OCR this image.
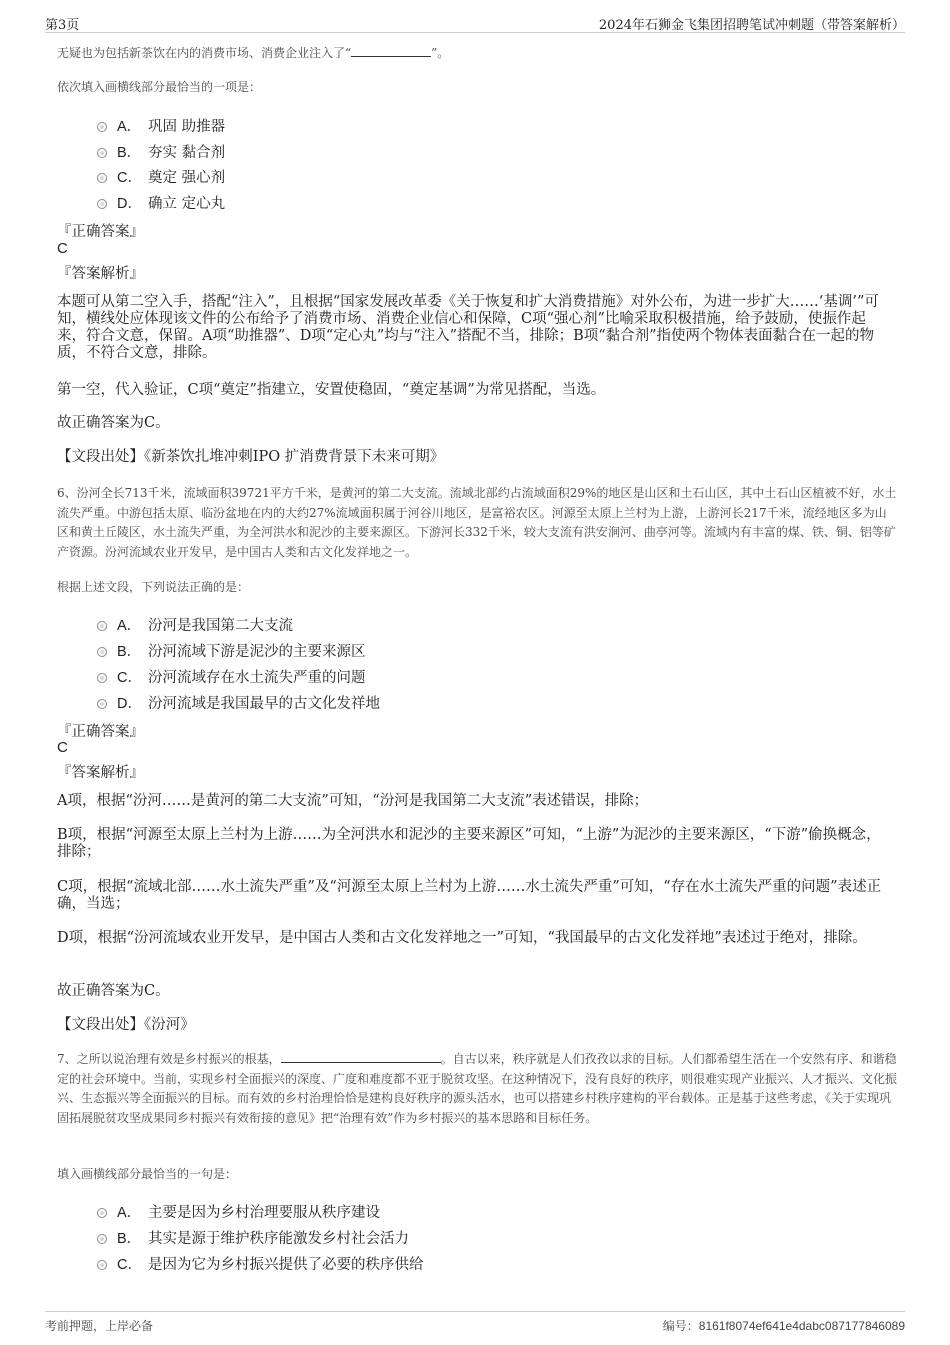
第3页	2024年石狮金飞集团招聘笔试冲刺题（带答案解析）
无疑也为包括新茶饮在内的消费市场、消费企业注入了“	”。
依次填入画横线部分最恰当的一项是：
A． 巩固 助推器
B． 夯实 黏合剂
C． 奠定 强心剂
D． 确立 定心丸
『正确答案』
C
『答案解析』
本题可从第二空入手，搭配“注入”，且根据“国家发展改革委《关于恢复和扩大消费措施》对外公布，为进一步扩大……‘基调’”可知，横线处应体现该文件的公布给予了消费市场、消费企业信心和保障，C项“强心剂”比喻采取积极措施，给予鼓励，使振作起来，符合文意，保留。A项“助推器”、D项“定心丸”均与“注入”搭配不当，排除；B项“黏合剂”指使两个物体表面黏合在一起的物质，不符合文意，排除。
第一空，代入验证，C项“奠定”指建立，安置使稳固，“奠定基调”为常见搭配，当选。
故正确答案为C。
【文段出处】《新茶饮扎堆冲刺IPO 扩消费背景下未来可期》
6、汾河全长713千米，流域面积39721平方千米，是黄河的第二大支流。流域北部约占流域面积29%的地区是山区和土石山区，其中土石山区植被不好，水土流失严重。中游包括太原、临汾盆地在内的大约27%流域面积属于河谷川地区，是富裕农区。河源至太原上兰村为上游，上游河长217千米，流经地区多为山区和黄土丘陵区，水土流失严重，为全河洪水和泥沙的主要来源区。下游河长332千米，较大支流有洪安涧河、曲亭河等。流域内有丰富的煤、铁、铜、铝等矿产资源。汾河流域农业开发早，是中国古人类和古文化发祥地之一。
根据上述文段，下列说法正确的是：
A． 汾河是我国第二大支流
B． 汾河流域下游是泥沙的主要来源区
C． 汾河流域存在水土流失严重的问题
D． 汾河流域是我国最早的古文化发祥地
『正确答案』
C
『答案解析』
A项，根据“汾河……是黄河的第二大支流”可知，“汾河是我国第二大支流”表述错误，排除；
B项，根据“河源至太原上兰村为上游……为全河洪水和泥沙的主要来源区”可知，“上游”为泥沙的主要来源区，“下游”偷换概念，排除；
C项，根据“流域北部……水土流失严重”及“河源至太原上兰村为上游……水土流失严重”可知，“存在水土流失严重的问题”表述正确，当选；
D项，根据“汾河流域农业开发早，是中国古人类和古文化发祥地之一”可知，“我国最早的古文化发祥地”表述过于绝对，排除。
故正确答案为C。
【文段出处】《汾河》
7、之所以说治理有效是乡村振兴的根基，	。自古以来，秩序就是人们孜孜以求的目标。人们都希望生活在一个安然有序、和谐稳定的社会环境中。当前，实现乡村全面振兴的深度、广度和难度都不亚于脱贫攻坚。在这种情况下，没有良好的秩序，则很难实现产业振兴、人才振兴、文化振兴、生态振兴等全面振兴的目标。而有效的乡村治理恰恰是建构良好秩序的源头活水，也可以搭建乡村秩序建构的平台载体。正是基于这些考虑，《关于实现巩固拓展脱贫攻坚成果同乡村振兴有效衔接的意见》把“治理有效”作为乡村振兴的基本思路和目标任务。
填入画横线部分最恰当的一句是：
A． 主要是因为乡村治理要服从秩序建设
B． 其实是源于维护秩序能激发乡村社会活力
C． 是因为它为乡村振兴提供了必要的秩序供给
考前押题，上岸必备	编号：8161f8074ef641e4dabc087177846089
